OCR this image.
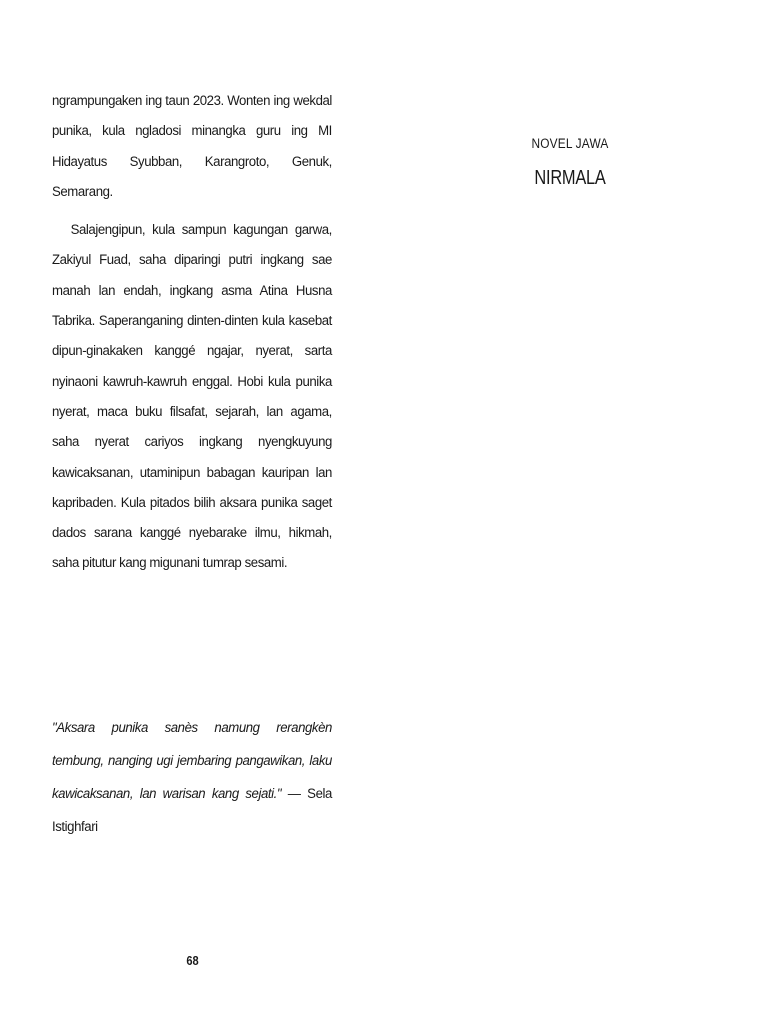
ngrampungaken ing taun 2023. Wonten ing wekdal punika, kula ngladosi minangka guru ing MI Hidayatus Syubban, Karangroto, Genuk, Semarang.

Salajengipun, kula sampun kagungan garwa, Zakiyul Fuad, saha diparingi putri ingkang sae manah lan endah, ingkang asma Atina Husna Tabrika. Saperanganing dinten-dinten kula kasebat dipun-ginakaken kanggé ngajar, nyerat, sarta nyinaoni kawruh-kawruh enggal. Hobi kula punika nyerat, maca buku filsafat, sejarah, lan agama, saha nyerat cariyos ingkang nyengkuyung kawicaksanan, utaminipun babagan kauripan lan kapribaden. Kula pitados bilih aksara punika saget dados sarana kanggé nyebarake ilmu, hikmah, saha pitutur kang migunani tumrap sesami.

"Aksara punika sanès namung rerangkèn tembung, nanging ugi jembaring pangawikan, laku kawicaksanan, lan warisan kang sejati." — Sela Istighfari
68

NOVEL JAWA

NIRMALA
